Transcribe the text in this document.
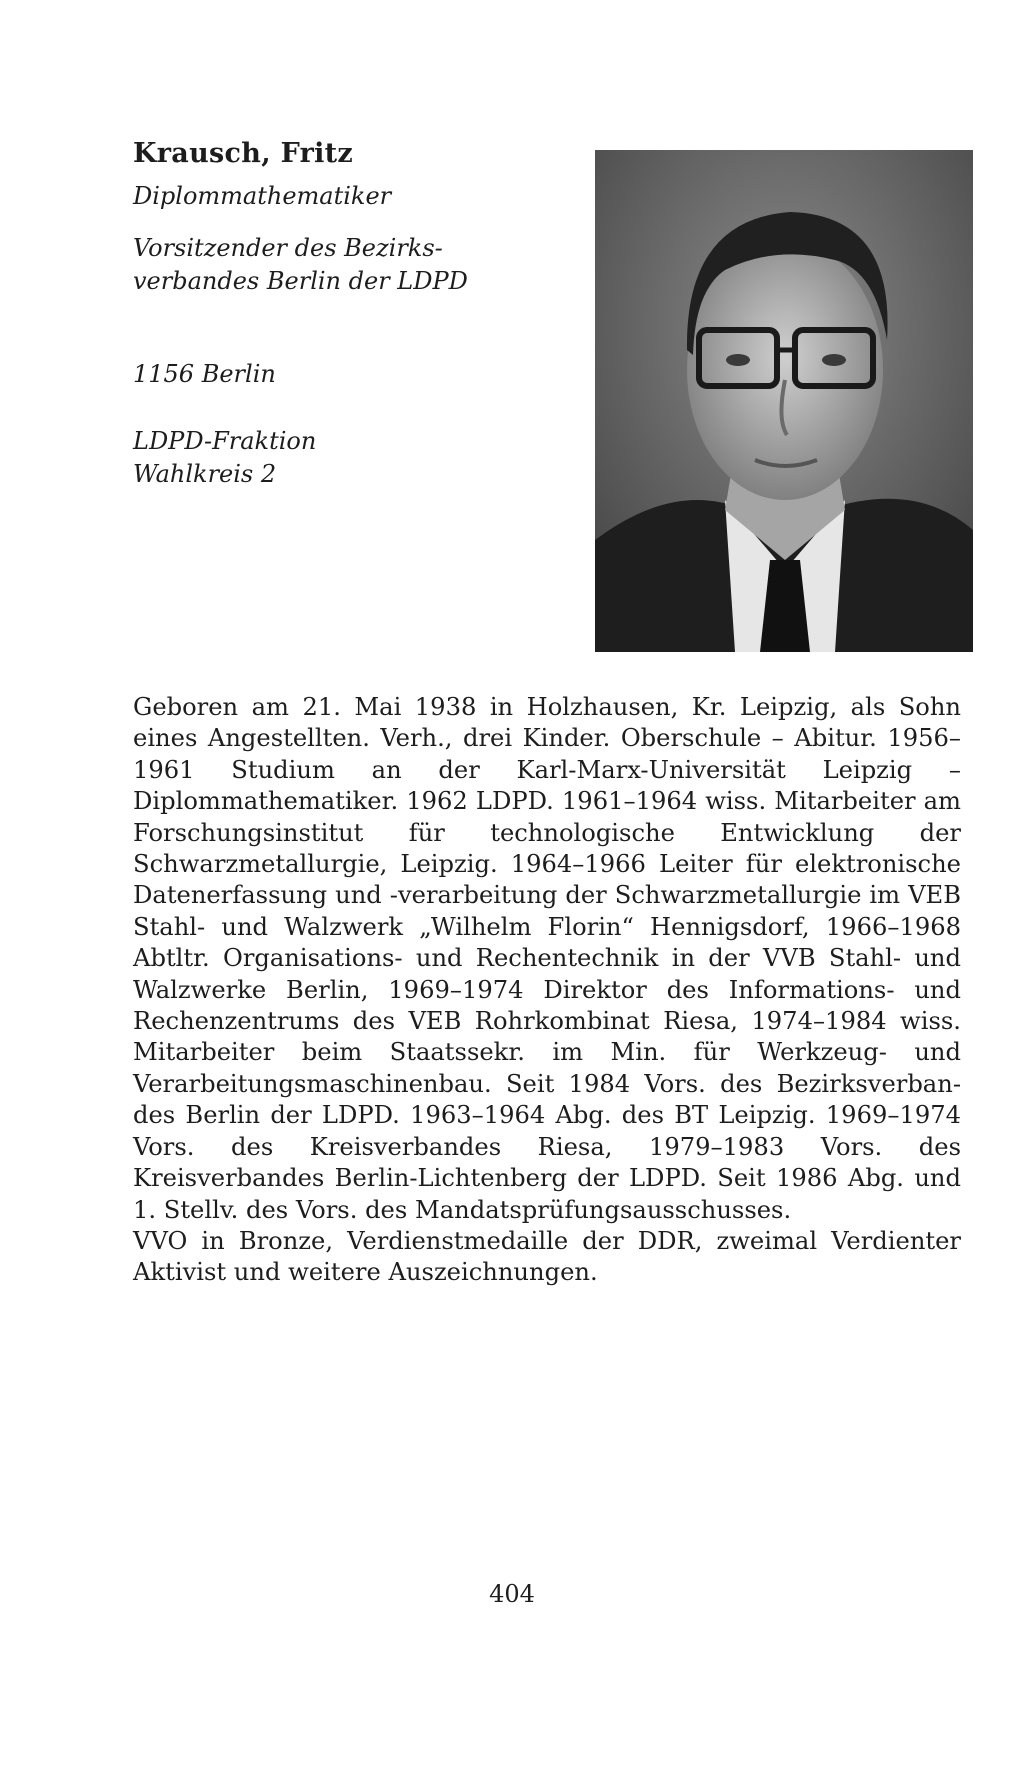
Krausch, Fritz
Diplommathematiker
Vorsitzender des Bezirks-
verbandes Berlin der LDPD
1156 Berlin
LDPD-Fraktion
Wahlkreis 2

Geboren am 21. Mai 1938 in Holzhausen, Kr. Leipzig, als Sohn eines Angestellten. Verh., drei Kinder. Oberschule – Abitur. 1956–1961 Studium an der Karl-Marx-Universität Leipzig – Diplommathematiker. 1962 LDPD. 1961–1964 wiss. Mitarbeiter am Forschungsinstitut für technologische Entwicklung der Schwarzmetallurgie, Leipzig. 1964–1966 Leiter für elektronische Datenerfassung und -verarbeitung der Schwarzmetallurgie im VEB Stahl- und Walzwerk „Wilhelm Florin“ Hennigsdorf, 1966–1968 Abtltr. Organisations- und Rechentechnik in der VVB Stahl- und Walzwerke Berlin, 1969–1974 Direktor des Informations- und Rechenzentrums des VEB Rohrkombinat Riesa, 1974–1984 wiss. Mitarbeiter beim Staatssekr. im Min. für Werkzeug- und Verarbeitungsmaschinenbau. Seit 1984 Vors. des Bezirksverbandes Berlin der LDPD. 1963–1964 Abg. des BT Leipzig. 1969–1974 Vors. des Kreisverbandes Riesa, 1979–1983 Vors. des Kreisverbandes Berlin-Lichtenberg der LDPD. Seit 1986 Abg. und 1. Stellv. des Vors. des Mandatsprüfungsausschusses.

VVO in Bronze, Verdienstmedaille der DDR, zweimal Verdienter Aktivist und weitere Auszeichnungen.

404
